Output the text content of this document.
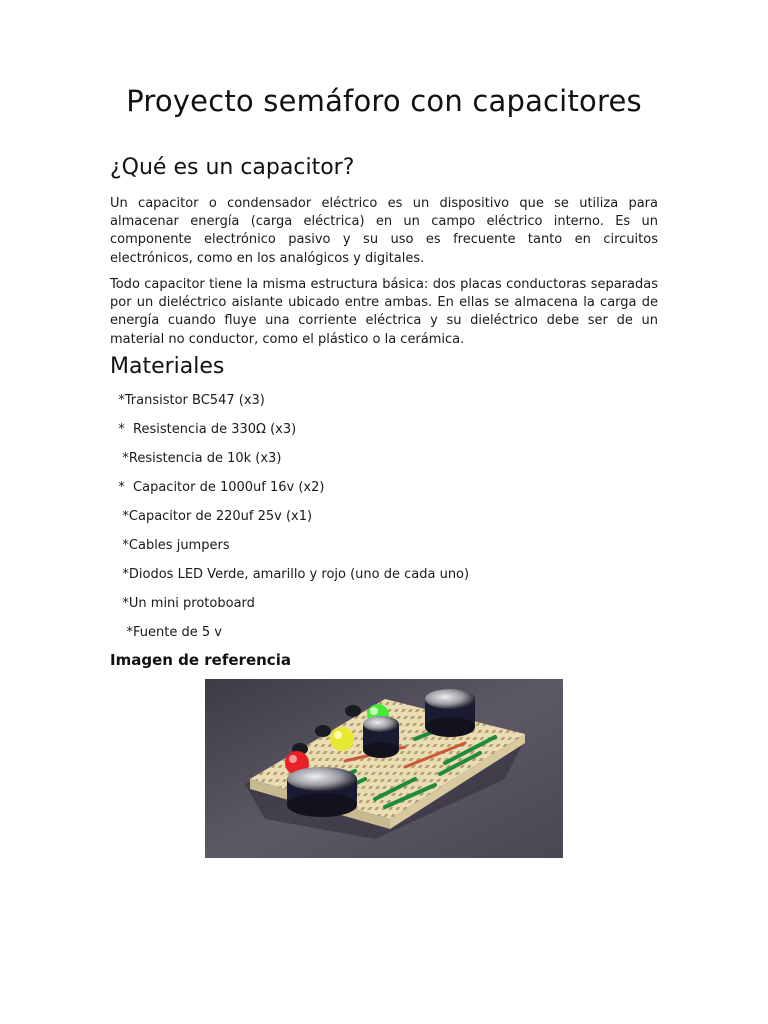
Proyecto semáforo con capacitores
¿Qué es un capacitor?

Un capacitor o condensador eléctrico es un dispositivo que se utiliza para almacenar energía (carga eléctrica) en un campo eléctrico interno. Es un componente electrónico pasivo y su uso es frecuente tanto en circuitos electrónicos, como en los analógicos y digitales.

Todo capacitor tiene la misma estructura básica: dos placas conductoras separadas por un dieléctrico aislante ubicado entre ambas. En ellas se almacena la carga de energía cuando fluye una corriente eléctrica y su dieléctrico debe ser de un material no conductor, como el plástico o la cerámica.

Materiales
*Transistor BC547 (x3)
*  Resistencia de 330Ω (x3)
*Resistencia de 10k (x3)
*  Capacitor de 1000uf 16v (x2)
*Capacitor de 220uf 25v (x1)
*Cables jumpers
*Diodos LED Verde, amarillo y rojo (uno de cada uno)
*Un mini protoboard
*Fuente de 5 v
Imagen de referencia
